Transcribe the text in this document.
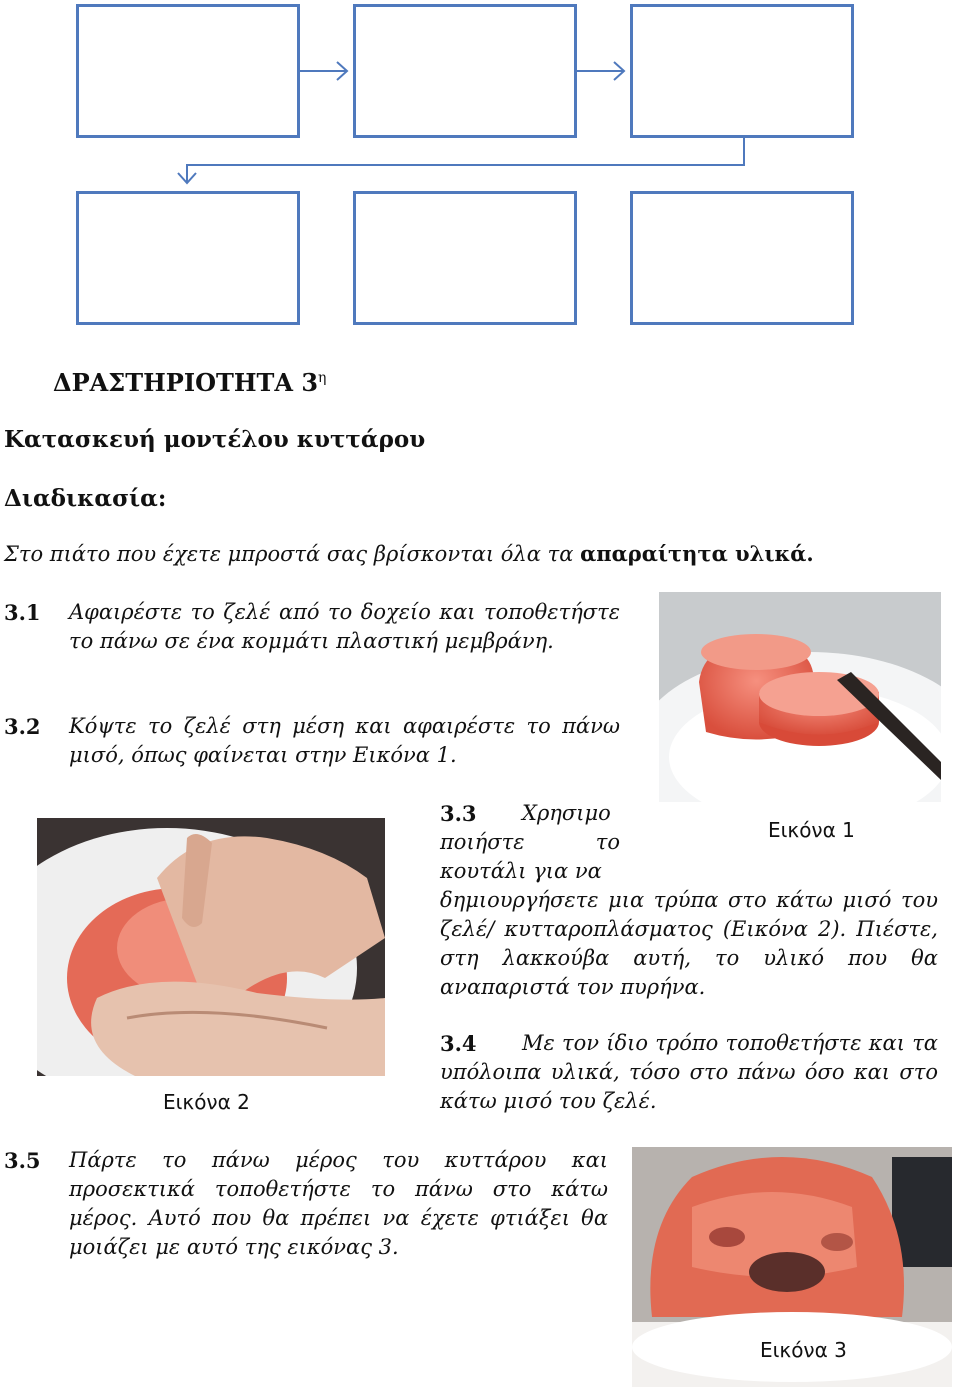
ΔΡΑΣΤΗΡΙΟΤΗΤΑ $3^\eta$
Κατασκευή μοντέλου κυττάρου
Διαδικασία:
Στο πιάτο που έχετε μπροστά σας βρίσκονται όλα τα απαραίτητα υλικά.
3.1 Αφαιρέστε το ζελέ από το δοχείο και τοποθετήστε το πάνω σε ένα κομμάτι πλαστική μεμβράνη.
3.2 Κόψτε το ζελέ στη μέση και αφαιρέστε το πάνω μισό, όπως φαίνεται στην Εικόνα 1.
Εικόνα 1
Εικόνα 2
3.3	Χρησιμο ποιήστε το κουτάλι για να
δημιουργήσετε μια τρύπα στο κάτω μισό του ζελέ/ κυτταροπλάσματος (Εικόνα 2). Πιέστε, στη λακκούβα αυτή, το υλικό που θα αναπαριστά τον πυρήνα.
3.4	Με τον ίδιο τρόπο τοποθετήστε και τα υπόλοιπα υλικά, τόσο στο πάνω όσο και στο κάτω μισό του ζελέ.
3.5 Πάρτε το πάνω μέρος του κυττάρου και προσεκτικά τοποθετήστε το πάνω στο κάτω μέρος. Αυτό που θα πρέπει να έχετε φτιάξει θα μοιάζει με αυτό της εικόνας 3.
Εικόνα 3
